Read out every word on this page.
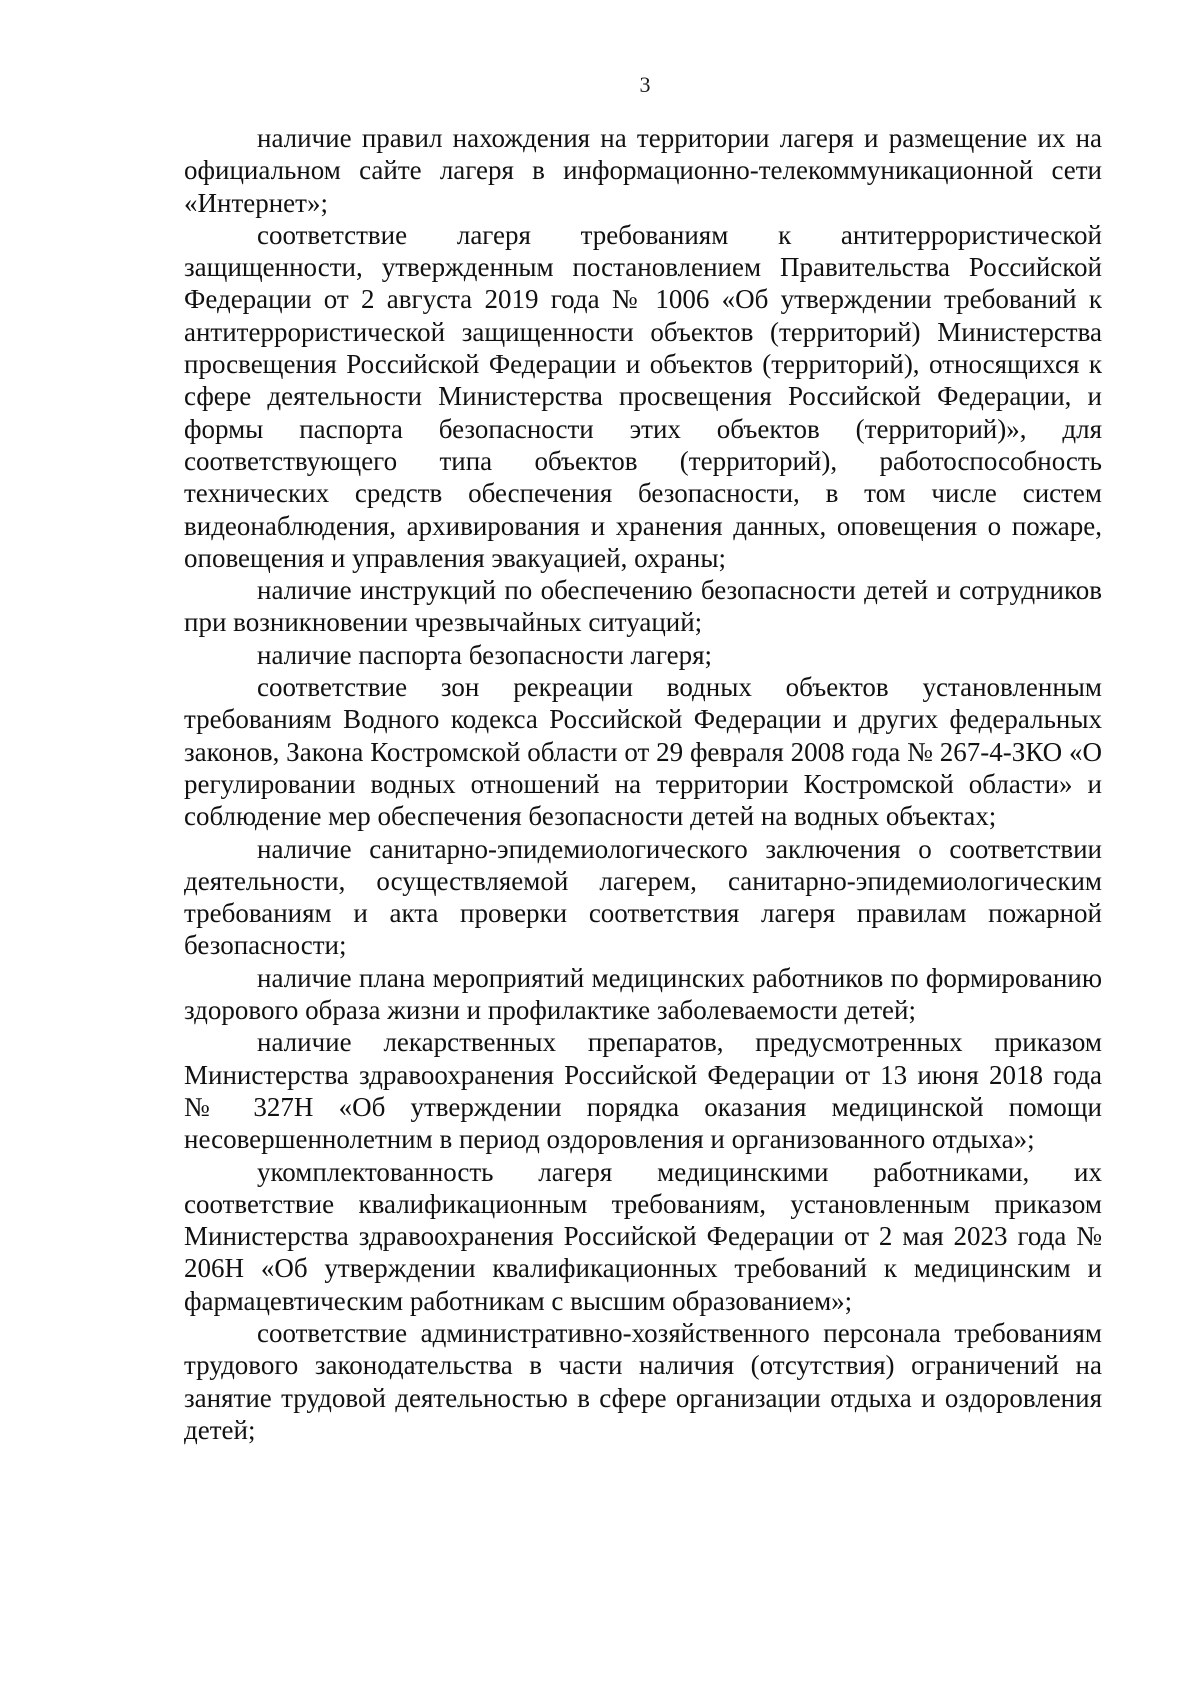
3

наличие правил нахождения на территории лагеря и размещение их на официальном сайте лагеря в информационно-телекоммуникационной сети «Интернет»;

соответствие лагеря требованиям к антитеррористической защищенности, утвержденным постановлением Правительства Российской Федерации от 2 августа 2019 года № 1006 «Об утверждении требований к антитеррористической защищенности объектов (территорий) Министерства просвещения Российской Федерации и объектов (территорий), относящихся к сфере деятельности Министерства просвещения Российской Федерации, и формы паспорта безопасности этих объектов (территорий)», для соответствующего типа объектов (территорий), работоспособность технических средств обеспечения безопасности, в том числе систем видеонаблюдения, архивирования и хранения данных, оповещения о пожаре, оповещения и управления эвакуацией, охраны;

наличие инструкций по обеспечению безопасности детей и сотрудников при возникновении чрезвычайных ситуаций;

наличие паспорта безопасности лагеря;

соответствие зон рекреации водных объектов установленным требованиям Водного кодекса Российской Федерации и других федеральных законов, Закона Костромской области от 29 февраля 2008 года № 267-4-ЗКО «О регулировании водных отношений на территории Костромской области» и соблюдение мер обеспечения безопасности детей на водных объектах;

наличие санитарно-эпидемиологического заключения о соответствии деятельности, осуществляемой лагерем, санитарно-эпидемиологическим требованиям и акта проверки соответствия лагеря правилам пожарной безопасности;

наличие плана мероприятий медицинских работников по формированию здорового образа жизни и профилактике заболеваемости детей;

наличие лекарственных препаратов, предусмотренных приказом Министерства здравоохранения Российской Федерации от 13 июня 2018 года № 327Н «Об утверждении порядка оказания медицинской помощи несовершеннолетним в период оздоровления и организованного отдыха»;

укомплектованность лагеря медицинскими работниками, их соответствие квалификационным требованиям, установленным приказом Министерства здравоохранения Российской Федерации от 2 мая 2023 года № 206Н «Об утверждении квалификационных требований к медицинским и фармацевтическим работникам с высшим образованием»;

соответствие административно-хозяйственного персонала требованиям трудового законодательства в части наличия (отсутствия) ограничений на занятие трудовой деятельностью в сфере организации отдыха и оздоровления детей;
